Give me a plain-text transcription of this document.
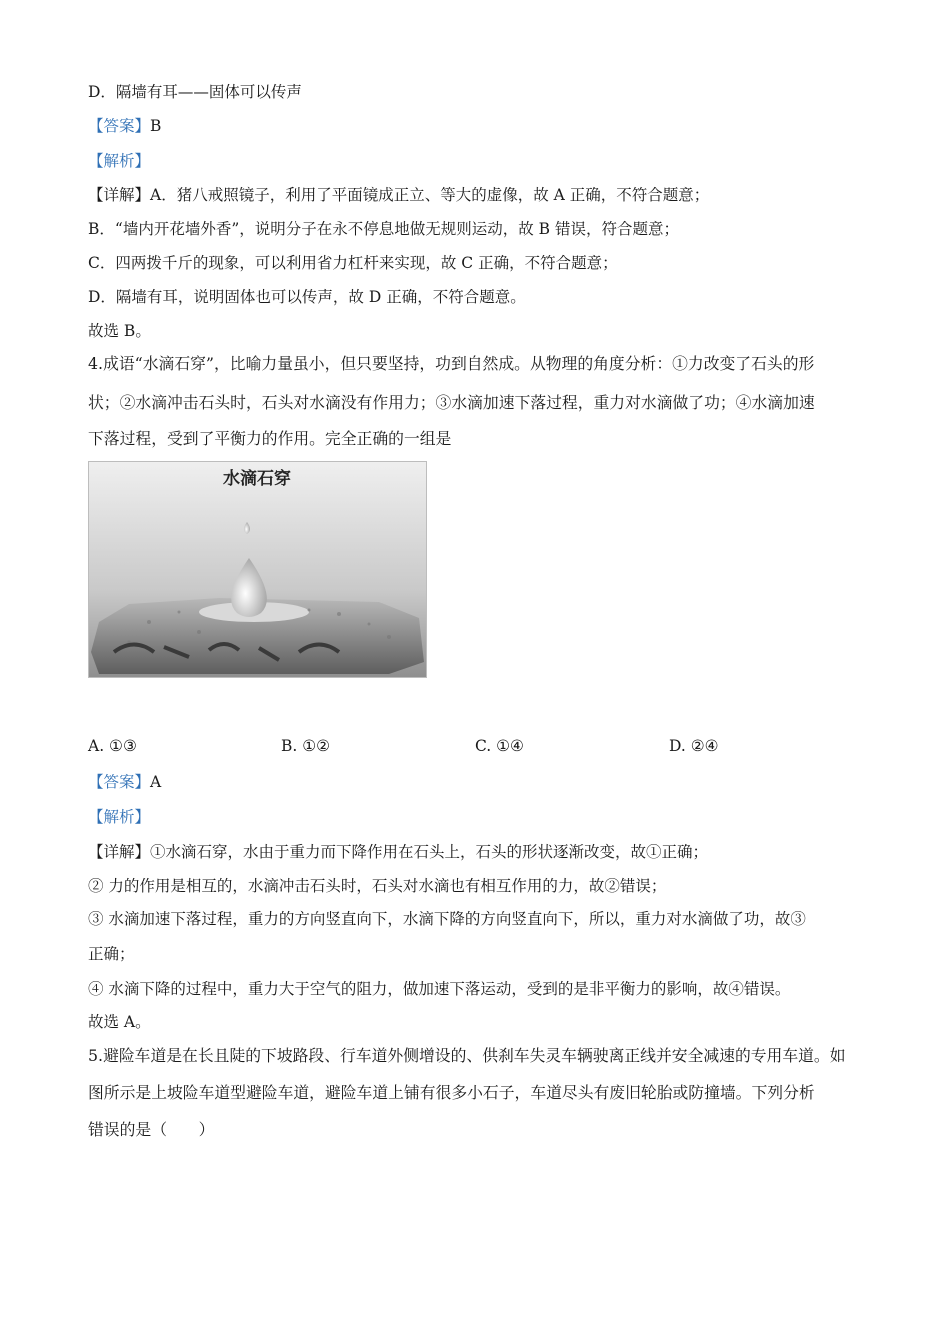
D．隔墙有耳——固体可以传声
【答案】B
【解析】
【详解】A．猪八戒照镜子，利用了平面镜成正立、等大的虚像，故 A 正确，不符合题意；
B．“墙内开花墙外香”，说明分子在永不停息地做无规则运动，故 B 错误，符合题意；
C．四两拨千斤的现象，可以利用省力杠杆来实现，故 C 正确，不符合题意；
D．隔墙有耳，说明固体也可以传声，故 D 正确，不符合题意。
故选 B。
4.成语“水滴石穿”，比喻力量虽小，但只要坚持，功到自然成。从物理的角度分析：①力改变了石头的形
状；②水滴冲击石头时，石头对水滴没有作用力；③水滴加速下落过程，重力对水滴做了功；④水滴加速
下落过程，受到了平衡力的作用。完全正确的一组是
水滴石穿
A. ①③	B. ①②	C. ①④	D. ②④
【答案】A
【解析】
【详解】①水滴石穿，水由于重力而下降作用在石头上，石头的形状逐渐改变，故①正确；
② 力的作用是相互的，水滴冲击石头时，石头对水滴也有相互作用的力，故②错误；
③ 水滴加速下落过程，重力的方向竖直向下，水滴下降的方向竖直向下，所以，重力对水滴做了功，故③
正确；
④ 水滴下降的过程中，重力大于空气的阻力，做加速下落运动，受到的是非平衡力的影响，故④错误。
故选 A。
5.避险车道是在长且陡的下坡路段、行车道外侧增设的、供刹车失灵车辆驶离正线并安全减速的专用车道。如
图所示是上坡险车道型避险车道，避险车道上铺有很多小石子，车道尽头有废旧轮胎或防撞墙。下列分析
错误的是（　　）
